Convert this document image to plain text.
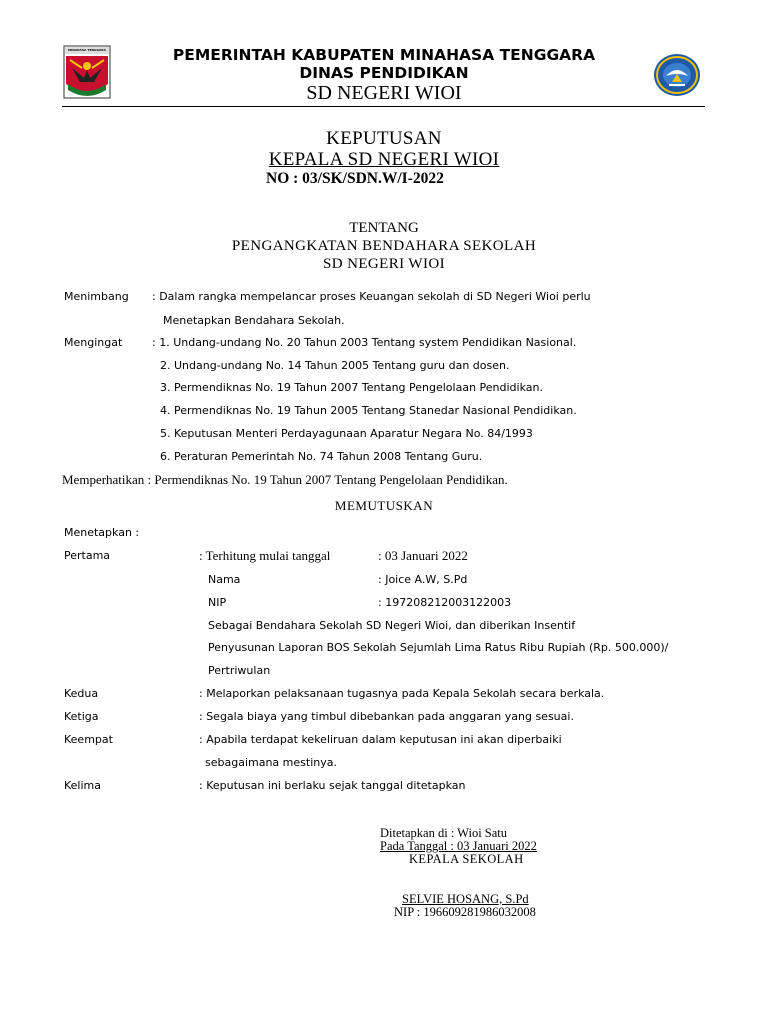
MINAHASA TENGGARA	PEMERINTAH KABUPATEN MINAHASA TENGGARA
DINAS PENDIDIKAN
SD NEGERI WIOI
KEPUTUSAN
KEPALA SD NEGERI WIOI
NO : 03/SK/SDN.W/I-2022
TENTANG
PENGANGKATAN BENDAHARA SEKOLAH
SD NEGERI WIOI
Menimbang : Dalam rangka mempelancar proses Keuangan sekolah di SD Negeri Wioi perlu
Menetapkan Bendahara Sekolah.
Mengingat	: 1. Undang-undang No. 20 Tahun 2003 Tentang system Pendidikan Nasional.
2. Undang-undang No. 14 Tahun 2005 Tentang guru dan dosen.
3. Permendiknas No. 19 Tahun 2007 Tentang Pengelolaan Pendidikan.
4. Permendiknas No. 19 Tahun 2005 Tentang Stanedar Nasional Pendidikan.
5. Keputusan Menteri Perdayagunaan Aparatur Negara No. 84/1993
6. Peraturan Pemerintah No. 74 Tahun 2008 Tentang Guru.
Memperhatikan : Permendiknas No. 19 Tahun 2007 Tentang Pengelolaan Pendidikan.
MEMUTUSKAN
Menetapkan :
Pertama	: Terhitung mulai tanggal	: 03 Januari 2022
Nama	: Joice A.W, S.Pd
NIP	: 197208212003122003
Sebagai Bendahara Sekolah SD Negeri Wioi, dan diberikan Insentif
Penyusunan Laporan BOS Sekolah Sejumlah Lima Ratus Ribu Rupiah (Rp. 500.000)/
Pertriwulan
Kedua	: Melaporkan pelaksanaan tugasnya pada Kepala Sekolah secara berkala.
Ketiga	: Segala biaya yang timbul dibebankan pada anggaran yang sesuai.
Keempat	: Apabila terdapat kekeliruan dalam keputusan ini akan diperbaiki
sebagaimana mestinya.
Kelima	: Keputusan ini berlaku sejak tanggal ditetapkan
Ditetapkan di : Wioi Satu
Pada Tanggal : 03 Januari 2022
KEPALA SEKOLAH
SELVIE HOSANG, S.Pd
NIP : 196609281986032008
